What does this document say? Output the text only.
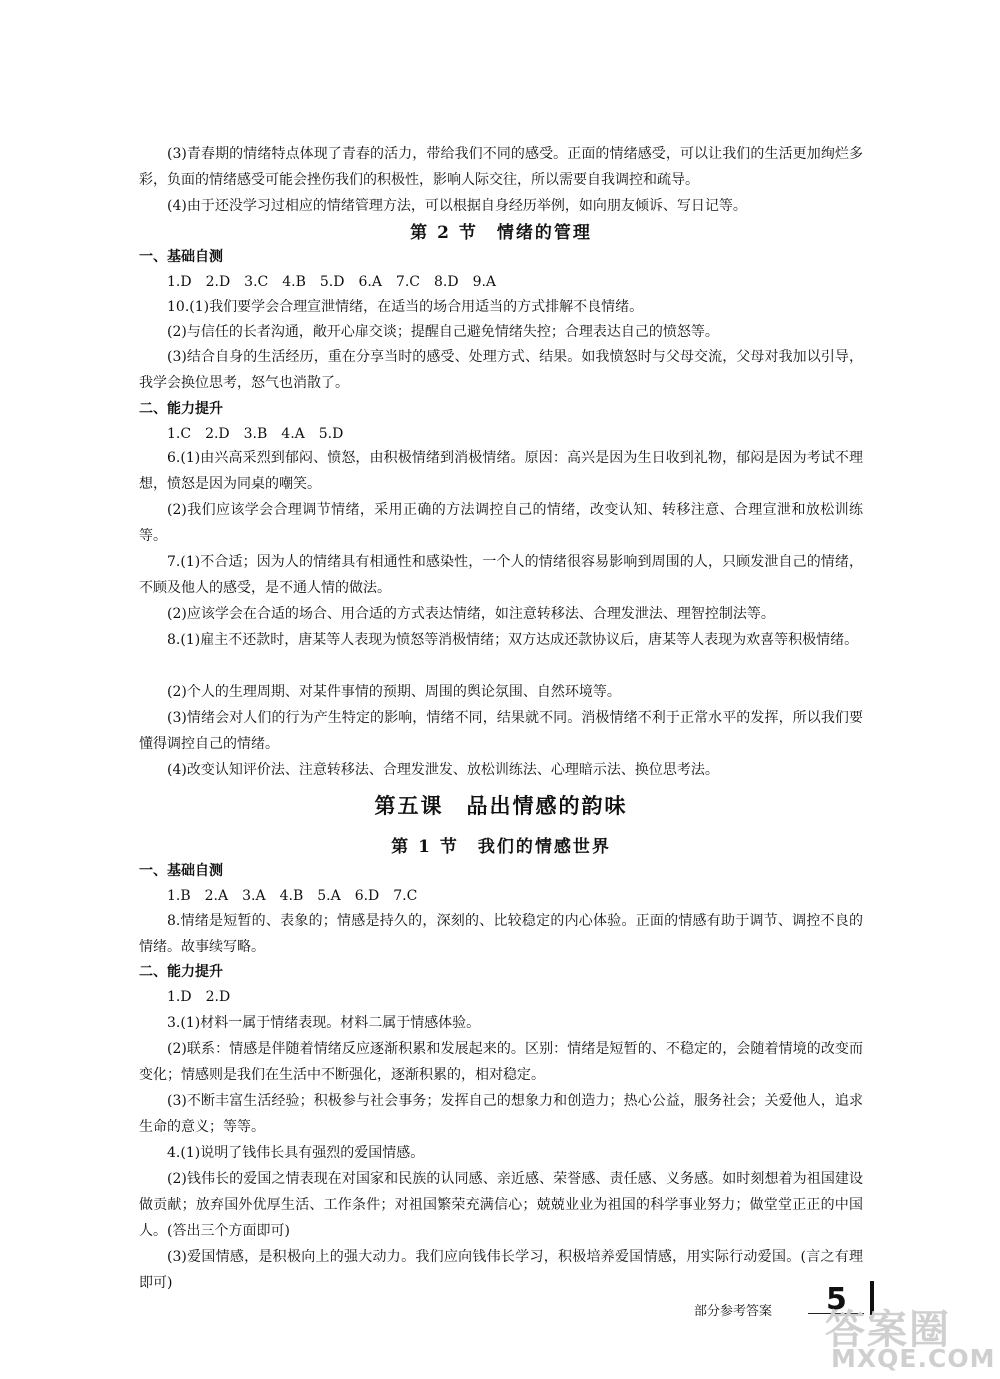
(3)青春期的情绪特点体现了青春的活力，带给我们不同的感受。正面的情绪感受，可以让我们的生活更加绚烂多彩，负面的情绪感受可能会挫伤我们的积极性，影响人际交往，所以需要自我调控和疏导。

(4)由于还没学习过相应的情绪管理方法，可以根据自身经历举例，如向朋友倾诉、写日记等。

第 2 节　情绪的管理
一、基础自测

1.D　2.D　3.C　4.B　5.D　6.A　7.C　8.D　9.A

10.(1)我们要学会合理宣泄情绪，在适当的场合用适当的方式排解不良情绪。

(2)与信任的长者沟通，敞开心扉交谈；提醒自己避免情绪失控；合理表达自己的愤怒等。

(3)结合自身的生活经历，重在分享当时的感受、处理方式、结果。如我愤怒时与父母交流，父母对我加以引导，我学会换位思考，怒气也消散了。

二、能力提升

1.C　2.D　3.B　4.A　5.D

6.(1)由兴高采烈到郁闷、愤怒，由积极情绪到消极情绪。原因：高兴是因为生日收到礼物，郁闷是因为考试不理想，愤怒是因为同桌的嘲笑。

(2)我们应该学会合理调节情绪，采用正确的方法调控自己的情绪，改变认知、转移注意、合理宣泄和放松训练等。

7.(1)不合适；因为人的情绪具有相通性和感染性，一个人的情绪很容易影响到周围的人，只顾发泄自己的情绪，不顾及他人的感受，是不通人情的做法。

(2)应该学会在合适的场合、用合适的方式表达情绪，如注意转移法、合理发泄法、理智控制法等。

8.(1)雇主不还款时，唐某等人表现为愤怒等消极情绪；双方达成还款协议后，唐某等人表现为欢喜等积极情绪。

(2)个人的生理周期、对某件事情的预期、周围的舆论氛围、自然环境等。

(3)情绪会对人们的行为产生特定的影响，情绪不同，结果就不同。消极情绪不利于正常水平的发挥，所以我们要懂得调控自己的情绪。

(4)改变认知评价法、注意转移法、合理发泄发、放松训练法、心理暗示法、换位思考法。

第五课　品出情感的韵味
第 1 节　我们的情感世界
一、基础自测

1.B　2.A　3.A　4.B　5.A　6.D　7.C

8.情绪是短暂的、表象的；情感是持久的，深刻的、比较稳定的内心体验。正面的情感有助于调节、调控不良的情绪。故事续写略。

二、能力提升

1.D　2.D

3.(1)材料一属于情绪表现。材料二属于情感体验。

(2)联系：情感是伴随着情绪反应逐渐积累和发展起来的。区别：情绪是短暂的、不稳定的，会随着情境的改变而变化；情感则是我们在生活中不断强化，逐渐积累的，相对稳定。

(3)不断丰富生活经验；积极参与社会事务；发挥自己的想象力和创造力；热心公益，服务社会；关爱他人，追求生命的意义；等等。

4.(1)说明了钱伟长具有强烈的爱国情感。

(2)钱伟长的爱国之情表现在对国家和民族的认同感、亲近感、荣誉感、责任感、义务感。如时刻想着为祖国建设做贡献；放弃国外优厚生活、工作条件；对祖国繁荣充满信心；兢兢业业为祖国的科学事业努力；做堂堂正正的中国人。(答出三个方面即可)

(3)爱国情感，是积极向上的强大动力。我们应向钱伟长学习，积极培养爱国情感，用实际行动爱国。(言之有理即可)

部分参考答案 5
答案圈
MXQE.COM
